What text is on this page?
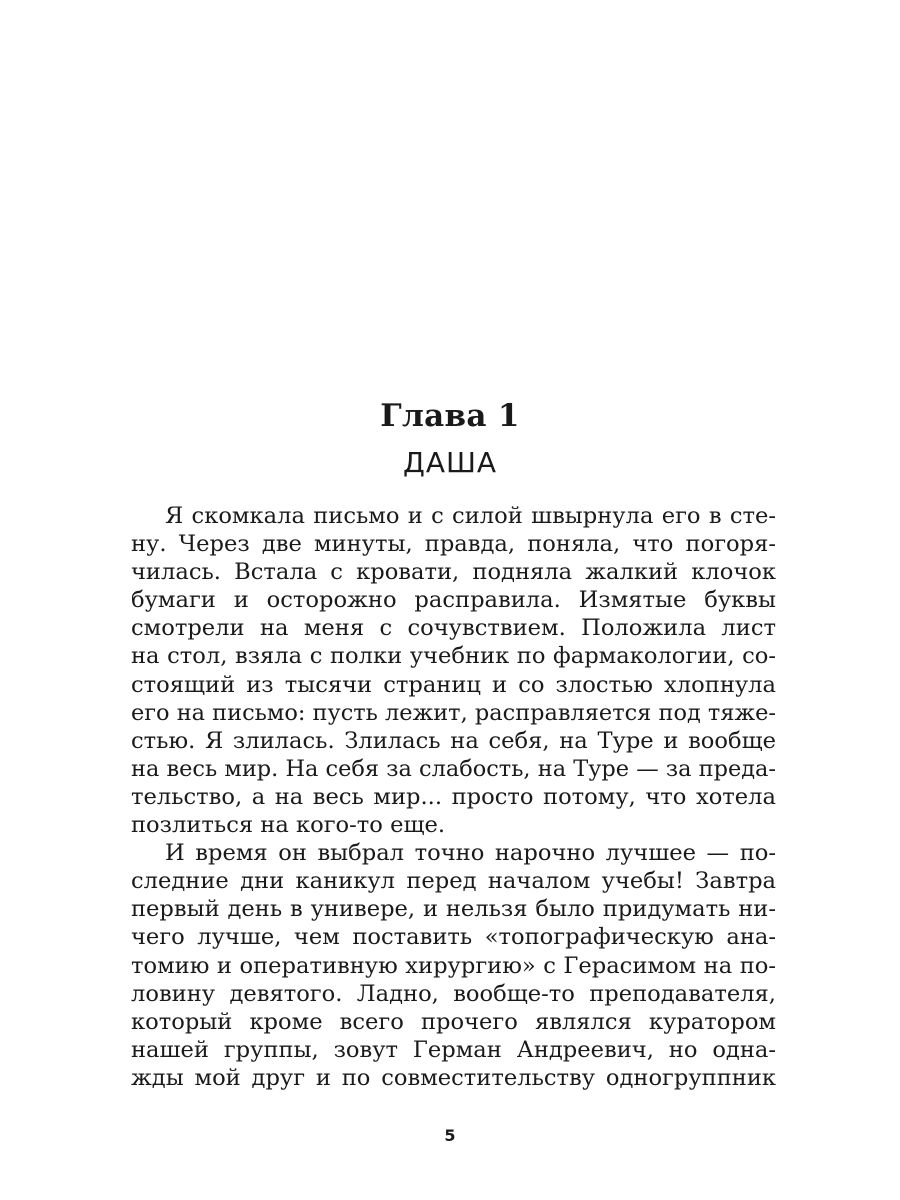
Глава 1
ДАША
Я скомкала письмо и с силой швырнула его в сте-
ну. Через две минуты, правда, поняла, что погоря-
чилась. Встала с кровати, подняла жалкий клочок
бумаги и осторожно расправила. Измятые буквы
смотрели на меня с сочувствием. Положила лист
на стол, взяла с полки учебник по фармакологии, со-
стоящий из тысячи страниц и со злостью хлопнула
его на письмо: пусть лежит, расправляется под тяже-
стью. Я злилась. Злилась на себя, на Туре и вообще
на весь мир. На себя за слабость, на Туре — за преда-
тельство, а на весь мир... просто потому, что хотела
позлиться на кого-то еще.
И время он выбрал точно нарочно лучшее — по-
следние дни каникул перед началом учебы! Завтра
первый день в универе, и нельзя было придумать ни-
чего лучше, чем поставить «топографическую ана-
томию и оперативную хирургию» с Герасимом на по-
ловину девятого. Ладно, вообще-то преподавателя,
который кроме всего прочего являлся куратором
нашей группы, зовут Герман Андреевич, но одна-
жды мой друг и по совместительству одногруппник
5
